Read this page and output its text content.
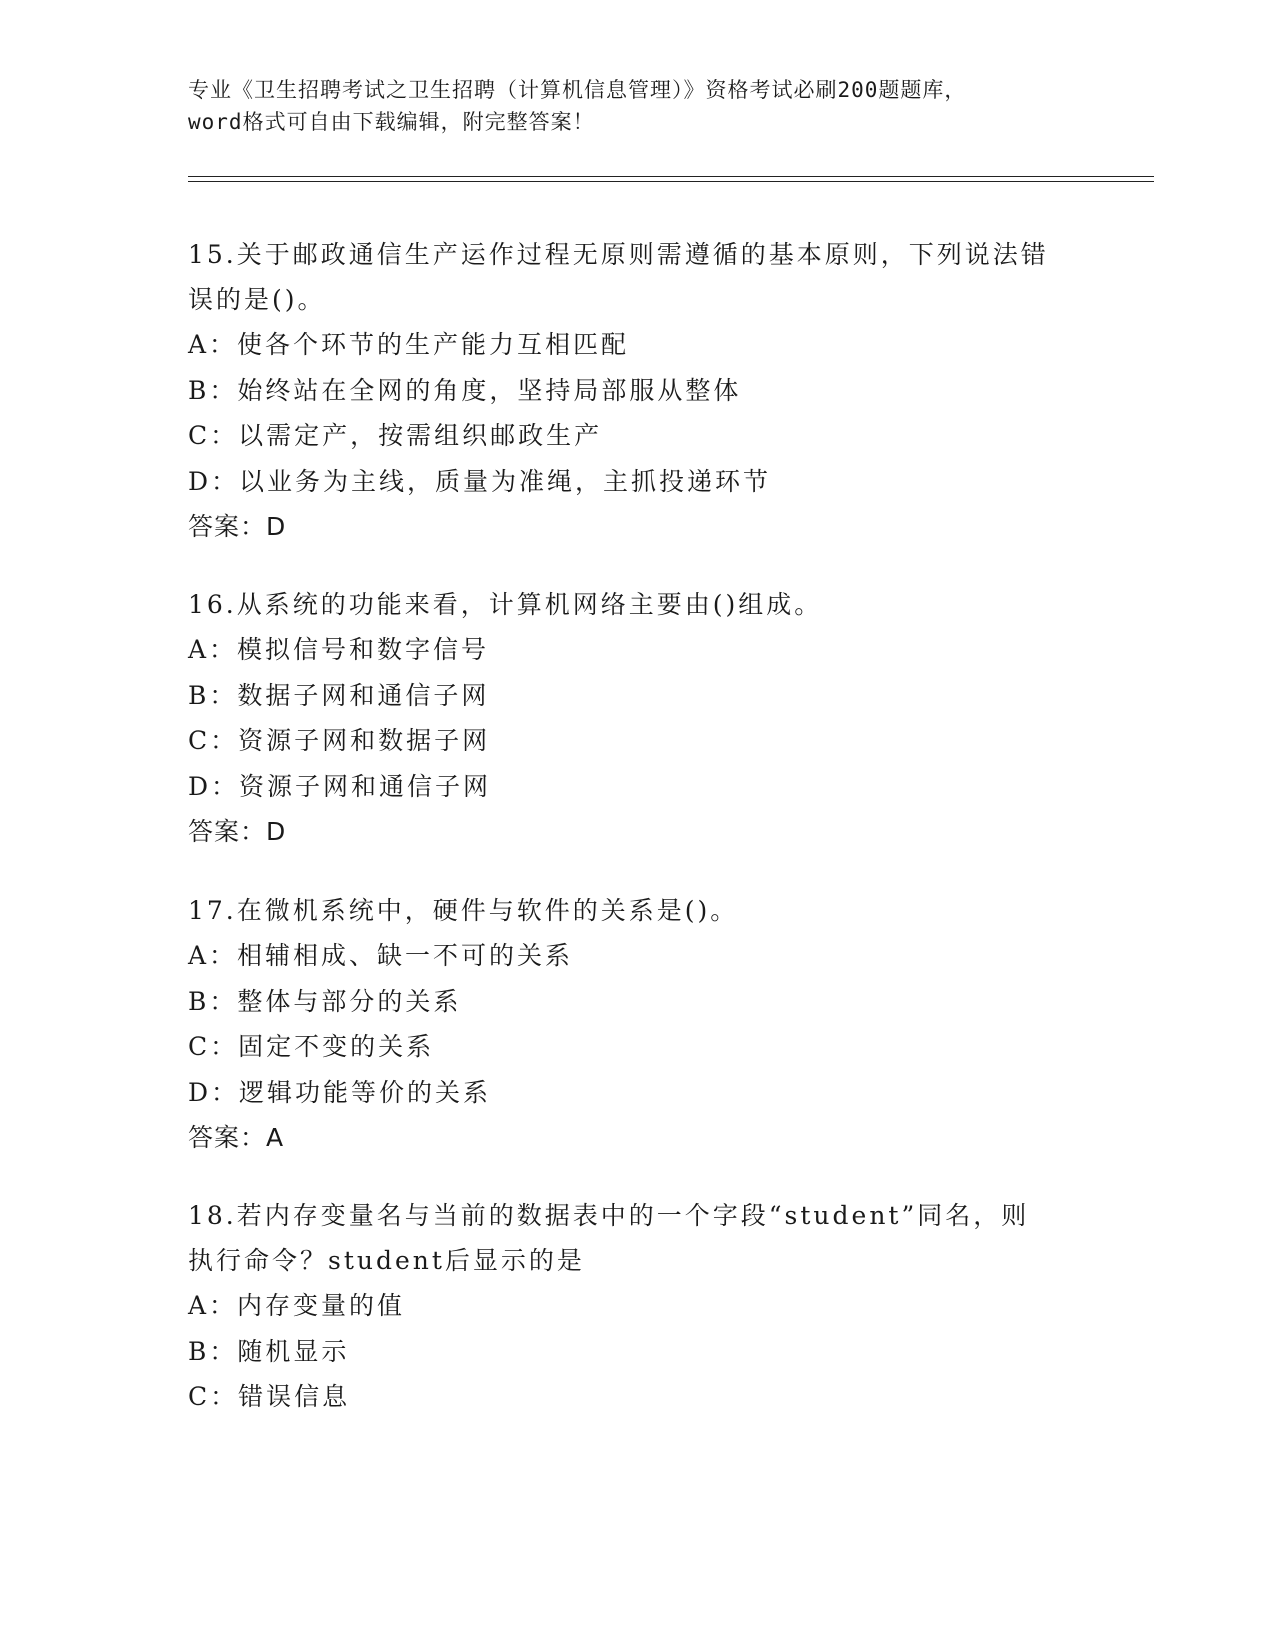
专业《卫生招聘考试之卫生招聘（计算机信息管理）》资格考试必刷200题题库，
word格式可自由下载编辑，附完整答案！
15.关于邮政通信生产运作过程无原则需遵循的基本原则，下列说法错
误的是()。
A：使各个环节的生产能力互相匹配
B：始终站在全网的角度，坚持局部服从整体
C：以需定产，按需组织邮政生产
D：以业务为主线，质量为准绳，主抓投递环节
答案：D
16.从系统的功能来看，计算机网络主要由()组成。
A：模拟信号和数字信号
B：数据子网和通信子网
C：资源子网和数据子网
D：资源子网和通信子网
答案：D
17.在微机系统中，硬件与软件的关系是()。
A：相辅相成、缺一不可的关系
B：整体与部分的关系
C：固定不变的关系
D：逻辑功能等价的关系
答案：A
18.若内存变量名与当前的数据表中的一个字段“student”同名，则
执行命令？student后显示的是
A：内存变量的值
B：随机显示
C：错误信息
